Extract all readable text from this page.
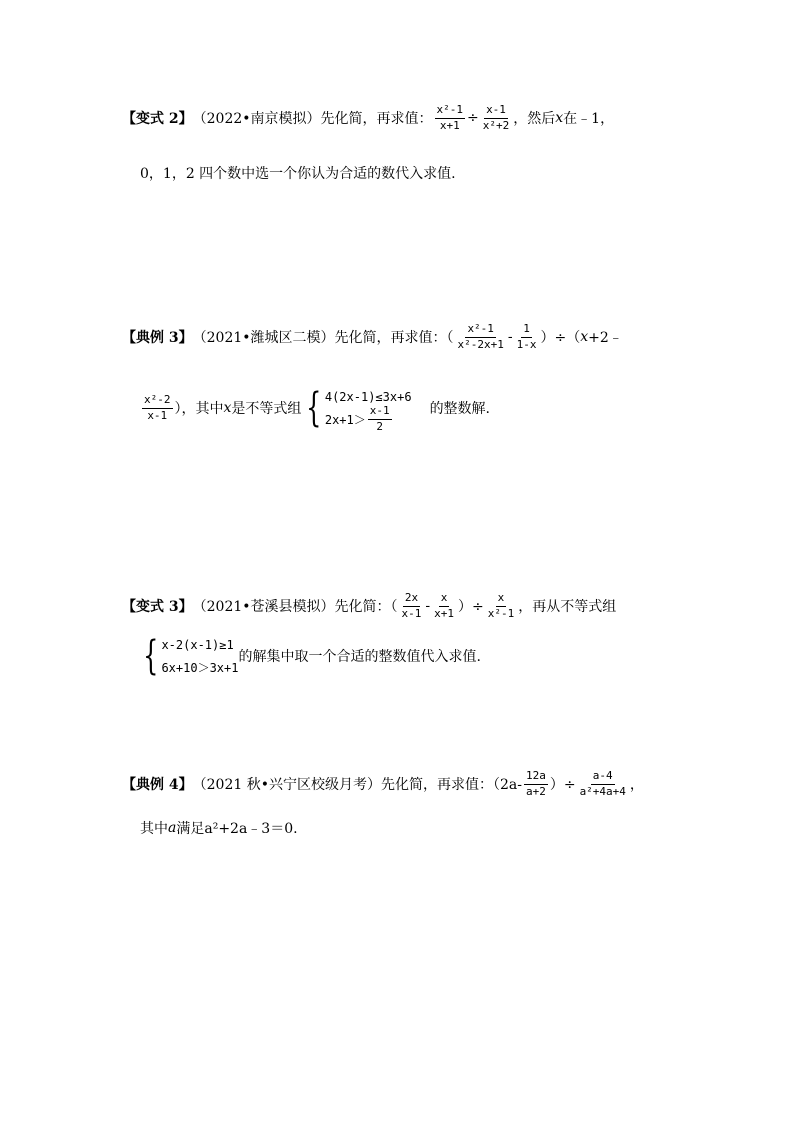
【变式 2】 （2022•南京模拟）先化简，再求值： $\frac{\text{x²-1}}{x+1} \div \frac{x-1}{\text{x²+2}}$ ，然后 x 在﹣1，
0，1，2 四个数中选一个你认为合适的数代入求值.
【典例 3】 （2021•潍城区二模）先化简，再求值：（ $\frac{\text{x²-1}}{\text{x²-2x+1}} - \frac{1}{1-x}$ ）÷（ x +2﹣
$\frac{\text{x²-2}}{x-1}$ ），其中 x 是不等式组 { 4(2x-1)≤3x+6
$2x+1> \frac{x-1}{2}$	的整数解.
【变式 3】 （2021•苍溪县模拟）先化简：（ $\frac{2x}{x-1} - \frac{x}{x+1}$ ）÷ $\frac{x}{\text{x²-1}}$ ，再从不等式组
{ x-2(x-1)≥1
6x+10＞3x+1
的解集中取一个合适的整数值代入求值.
【典例 4】 （2021 秋•兴宁区校级月考）先化简，再求值：（$2a- \frac{12a}{a+2}$ ）÷ $\frac{a-4}{\text{a²+4a+4}}$ ，
其中 a 满足 a²+2a﹣3＝0.
